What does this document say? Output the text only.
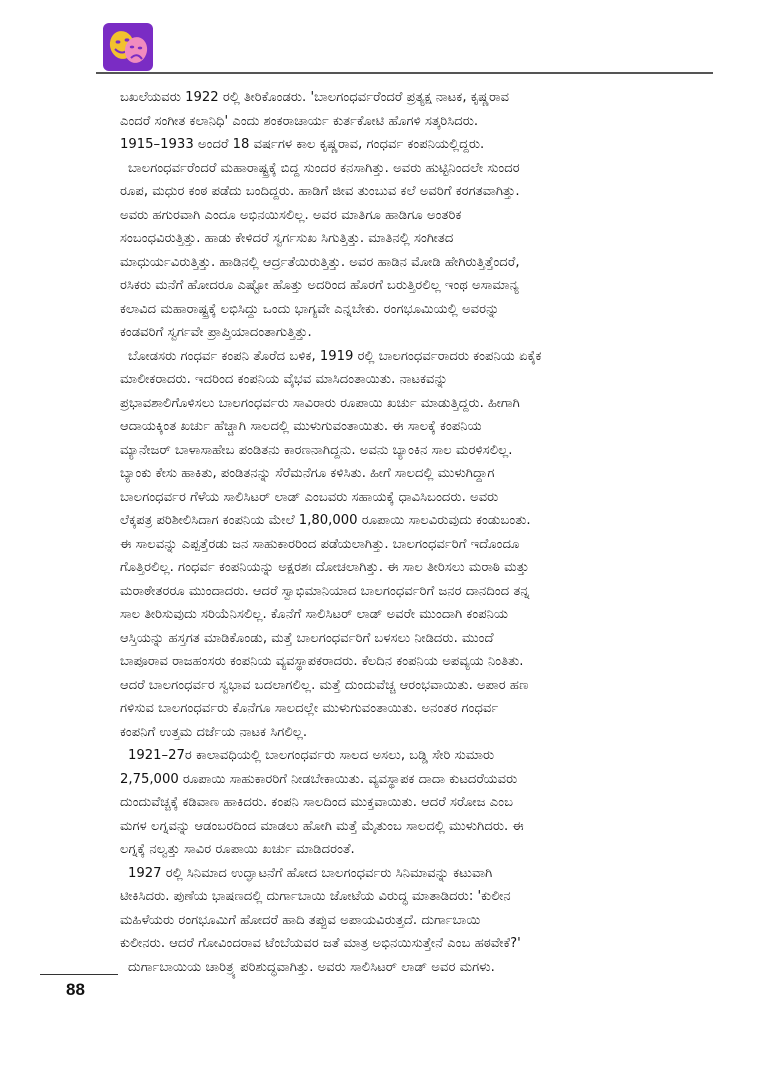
ಬಖಲೆಯವರು 1922 ರಲ್ಲಿ ತೀರಿಕೊಂಡರು. 'ಬಾಲಗಂಧರ್ವರೆಂದರೆ ಪ್ರತ್ಯಕ್ಷ ನಾಟಕ, ಕೃಷ್ಣರಾವ
ಎಂದರೆ ಸಂಗೀತ ಕಲಾನಿಧಿ' ಎಂದು ಶಂಕರಾಚಾರ್ಯ ಕುರ್ತಕೋಟಿ ಹೊಗಳಿ ಸತ್ಕರಿಸಿದರು.
1915–1933 ಅಂದರೆ 18 ವರ್ಷಗಳ ಕಾಲ ಕೃಷ್ಣರಾವ, ಗಂಧರ್ವ ಕಂಪನಿಯಲ್ಲಿದ್ದರು.
ಬಾಲಗಂಧರ್ವರೆಂದರೆ ಮಹಾರಾಷ್ಟ್ರಕ್ಕೆ ಬಿದ್ದ ಸುಂದರ ಕನಸಾಗಿತ್ತು. ಅವರು ಹುಟ್ಟಿನಿಂದಲೇ ಸುಂದರ
ರೂಪ, ಮಧುರ ಕಂಠ ಪಡೆದು ಬಂದಿದ್ದರು. ಹಾಡಿಗೆ ಜೀವ ತುಂಬುವ ಕಲೆ ಅವರಿಗೆ ಕರಗತವಾಗಿತ್ತು.
ಅವರು ಹಗುರವಾಗಿ ಎಂದೂ ಅಭಿನಯಿಸಲಿಲ್ಲ. ಅವರ ಮಾತಿಗೂ ಹಾಡಿಗೂ ಅಂತರಿಕ
ಸಂಬಂಧವಿರುತ್ತಿತ್ತು. ಹಾಡು ಕೇಳಿದರೆ ಸ್ವರ್ಗಸುಖ ಸಿಗುತ್ತಿತ್ತು. ಮಾತಿನಲ್ಲಿ ಸಂಗೀತದ
ಮಾಧುರ್ಯವಿರುತ್ತಿತ್ತು. ಹಾಡಿನಲ್ಲಿ ಆರ್ದ್ರತೆಯಿರುತ್ತಿತ್ತು. ಅವರ ಹಾಡಿನ ಮೋಡಿ ಹೇಗಿರುತ್ತಿತ್ತೆಂದರೆ,
ರಸಿಕರು ಮನೆಗೆ ಹೋದರೂ ಎಷ್ಟೋ ಹೊತ್ತು ಅದರಿಂದ ಹೊರಗೆ ಬರುತ್ತಿರಲಿಲ್ಲ ಇಂಥ ಅಸಾಮಾನ್ಯ
ಕಲಾವಿದ ಮಹಾರಾಷ್ಟ್ರಕ್ಕೆ ಲಭಿಸಿದ್ದು ಒಂದು ಭಾಗ್ಯವೇ ಎನ್ನಬೇಕು. ರಂಗಭೂಮಿಯಲ್ಲಿ ಅವರನ್ನು
ಕಂಡವರಿಗೆ ಸ್ವರ್ಗವೇ ಪ್ರಾಪ್ತಿಯಾದಂತಾಗುತ್ತಿತ್ತು.
ಬೋಡಸರು ಗಂಧರ್ವ ಕಂಪನಿ ತೊರೆದ ಬಳಿಕ, 1919 ರಲ್ಲಿ ಬಾಲಗಂಧರ್ವರಾದರು ಕಂಪನಿಯ ಏಕೈಕ
ಮಾಲೀಕರಾದರು. ಇದರಿಂದ ಕಂಪನಿಯ ವೈಭವ ಮಾಸಿದಂತಾಯಿತು. ನಾಟಕವನ್ನು
ಪ್ರಭಾವಶಾಲಿಗೊಳಿಸಲು ಬಾಲಗಂಧರ್ವರು ಸಾವಿರಾರು ರೂಪಾಯಿ ಖರ್ಚು ಮಾಡುತ್ತಿದ್ದರು. ಹೀಗಾಗಿ
ಆದಾಯಕ್ಕಿಂತ ಖರ್ಚು ಹೆಚ್ಚಾಗಿ ಸಾಲದಲ್ಲಿ ಮುಳುಗುವಂತಾಯಿತು. ಈ ಸಾಲಕ್ಕೆ ಕಂಪನಿಯ
ಮ್ಯಾನೇಜರ್ ಬಾಳಾಸಾಹೇಬ ಪಂಡಿತನು ಕಾರಣನಾಗಿದ್ದನು. ಅವನು ಬ್ಯಾಂಕಿನ ಸಾಲ ಮರಳಿಸಲಿಲ್ಲ.
ಬ್ಯಾಂಕು ಕೇಸು ಹಾಕಿತು, ಪಂಡಿತನನ್ನು ಸೆರೆಮನೆಗೂ ಕಳಿಸಿತು. ಹೀಗೆ ಸಾಲದಲ್ಲಿ ಮುಳುಗಿದ್ದಾಗ
ಬಾಲಗಂಧರ್ವರ ಗೆಳೆಯ ಸಾಲಿಸಿಟರ್ ಲಾಡ್ ಎಂಬವರು ಸಹಾಯಕ್ಕೆ ಧಾವಿಸಿಬಂದರು. ಅವರು
ಲೆಕ್ಕಪತ್ರ ಪರಿಶೀಲಿಸಿದಾಗ ಕಂಪನಿಯ ಮೇಲೆ 1,80,000 ರೂಪಾಯಿ ಸಾಲವಿರುವುದು ಕಂಡುಬಂತು.
ಈ ಸಾಲವನ್ನು ಎಪ್ಪತ್ತೆರಡು ಜನ ಸಾಹುಕಾರರಿಂದ ಪಡೆಯಲಾಗಿತ್ತು. ಬಾಲಗಂಧರ್ವರಿಗೆ ಇದೊಂದೂ
ಗೊತ್ತಿರಲಿಲ್ಲ. ಗಂಧರ್ವ ಕಂಪನಿಯನ್ನು ಅಕ್ಷರಶಃ ದೋಚಲಾಗಿತ್ತು. ಈ ಸಾಲ ತೀರಿಸಲು ಮರಾಠಿ ಮತ್ತು
ಮರಾಠೇತರರೂ ಮುಂದಾದರು. ಆದರೆ ಸ್ವಾಭಿಮಾನಿಯಾದ ಬಾಲಗಂಧರ್ವರಿಗೆ ಜನರ ದಾನದಿಂದ ತನ್ನ
ಸಾಲ ತೀರಿಸುವುದು ಸರಿಯೆನಿಸಲಿಲ್ಲ. ಕೊನೆಗೆ ಸಾಲಿಸಿಟರ್ ಲಾಡ್ ಅವರೇ ಮುಂದಾಗಿ ಕಂಪನಿಯ
ಆಸ್ತಿಯನ್ನು ಹಸ್ತಗತ ಮಾಡಿಕೊಂಡು, ಮತ್ತೆ ಬಾಲಗಂಧರ್ವರಿಗೆ ಬಳಸಲು ನೀಡಿದರು. ಮುಂದೆ
ಬಾಪೂರಾವ ರಾಜಹಂಸರು ಕಂಪನಿಯ ವ್ಯವಸ್ಥಾಪಕರಾದರು. ಕೆಲದಿನ ಕಂಪನಿಯ ಅಪವ್ಯಯ ನಿಂತಿತು.
ಆದರೆ ಬಾಲಗಂಧರ್ವರ ಸ್ವಭಾವ ಬದಲಾಗಲಿಲ್ಲ. ಮತ್ತೆ ದುಂದುವೆಚ್ಚ ಆರಂಭವಾಯಿತು. ಅಪಾರ ಹಣ
ಗಳಿಸುವ ಬಾಲಗಂಧರ್ವರು ಕೊನೆಗೂ ಸಾಲದಲ್ಲೇ ಮುಳುಗುವಂತಾಯಿತು. ಅನಂತರ ಗಂಧರ್ವ
ಕಂಪನಿಗೆ ಉತ್ತಮ ದರ್ಜೆಯ ನಾಟಕ ಸಿಗಲಿಲ್ಲ.
1921–27ರ ಕಾಲಾವಧಿಯಲ್ಲಿ ಬಾಲಗಂಧರ್ವರು ಸಾಲದ ಅಸಲು, ಬಡ್ಡಿ ಸೇರಿ ಸುಮಾರು
2,75,000 ರೂಪಾಯಿ ಸಾಹುಕಾರರಿಗೆ ನೀಡಬೇಕಾಯಿತು. ವ್ಯವಸ್ಥಾಪಕ ದಾದಾ ಕುಟದರೆಯವರು
ದುಂದುವೆಚ್ಚಕ್ಕೆ ಕಡಿವಾಣ ಹಾಕಿದರು. ಕಂಪನಿ ಸಾಲದಿಂದ ಮುಕ್ತವಾಯಿತು. ಆದರೆ ಸರೋಜ ಎಂಬ
ಮಗಳ ಲಗ್ನವನ್ನು ಆಡಂಬರದಿಂದ ಮಾಡಲು ಹೋಗಿ ಮತ್ತೆ ಮೈತುಂಬ ಸಾಲದಲ್ಲಿ ಮುಳುಗಿದರು. ಈ
ಲಗ್ನಕ್ಕೆ ನಲ್ವತ್ತು ಸಾವಿರ ರೂಪಾಯಿ ಖರ್ಚು ಮಾಡಿದರಂತೆ.
1927 ರಲ್ಲಿ ಸಿನಿಮಾದ ಉದ್ಘಾಟನೆಗೆ ಹೋದ ಬಾಲಗಂಧರ್ವರು ಸಿನಿಮಾವನ್ನು ಕಟುವಾಗಿ
ಟೀಕಿಸಿದರು. ಪುಣೆಯ ಭಾಷಣದಲ್ಲಿ ದುರ್ಗಾಬಾಯಿ ಜೋಟೆಯ ವಿರುದ್ಧ ಮಾತಾಡಿದರು: 'ಕುಲೀನ
ಮಹಿಳೆಯರು ರಂಗಭೂಮಿಗೆ ಹೋದರೆ ಹಾದಿ ತಪ್ಪುವ ಅಪಾಯವಿರುತ್ತದೆ. ದುರ್ಗಾಬಾಯಿ
ಕುಲೀನರು. ಆದರೆ ಗೋವಿಂದರಾವ ಟೆಂಬೆಯವರ ಜತೆ ಮಾತ್ರ ಅಭಿನಯಿಸುತ್ತೇನೆ ಎಂಬ ಹಠವೇಕೆ?'
ದುರ್ಗಾಬಾಯಿಯ ಚಾರಿತ್ರ್ಯ ಪರಿಶುದ್ಧವಾಗಿತ್ತು. ಅವರು ಸಾಲಿಸಿಟರ್ ಲಾಡ್ ಅವರ ಮಗಳು.
88
